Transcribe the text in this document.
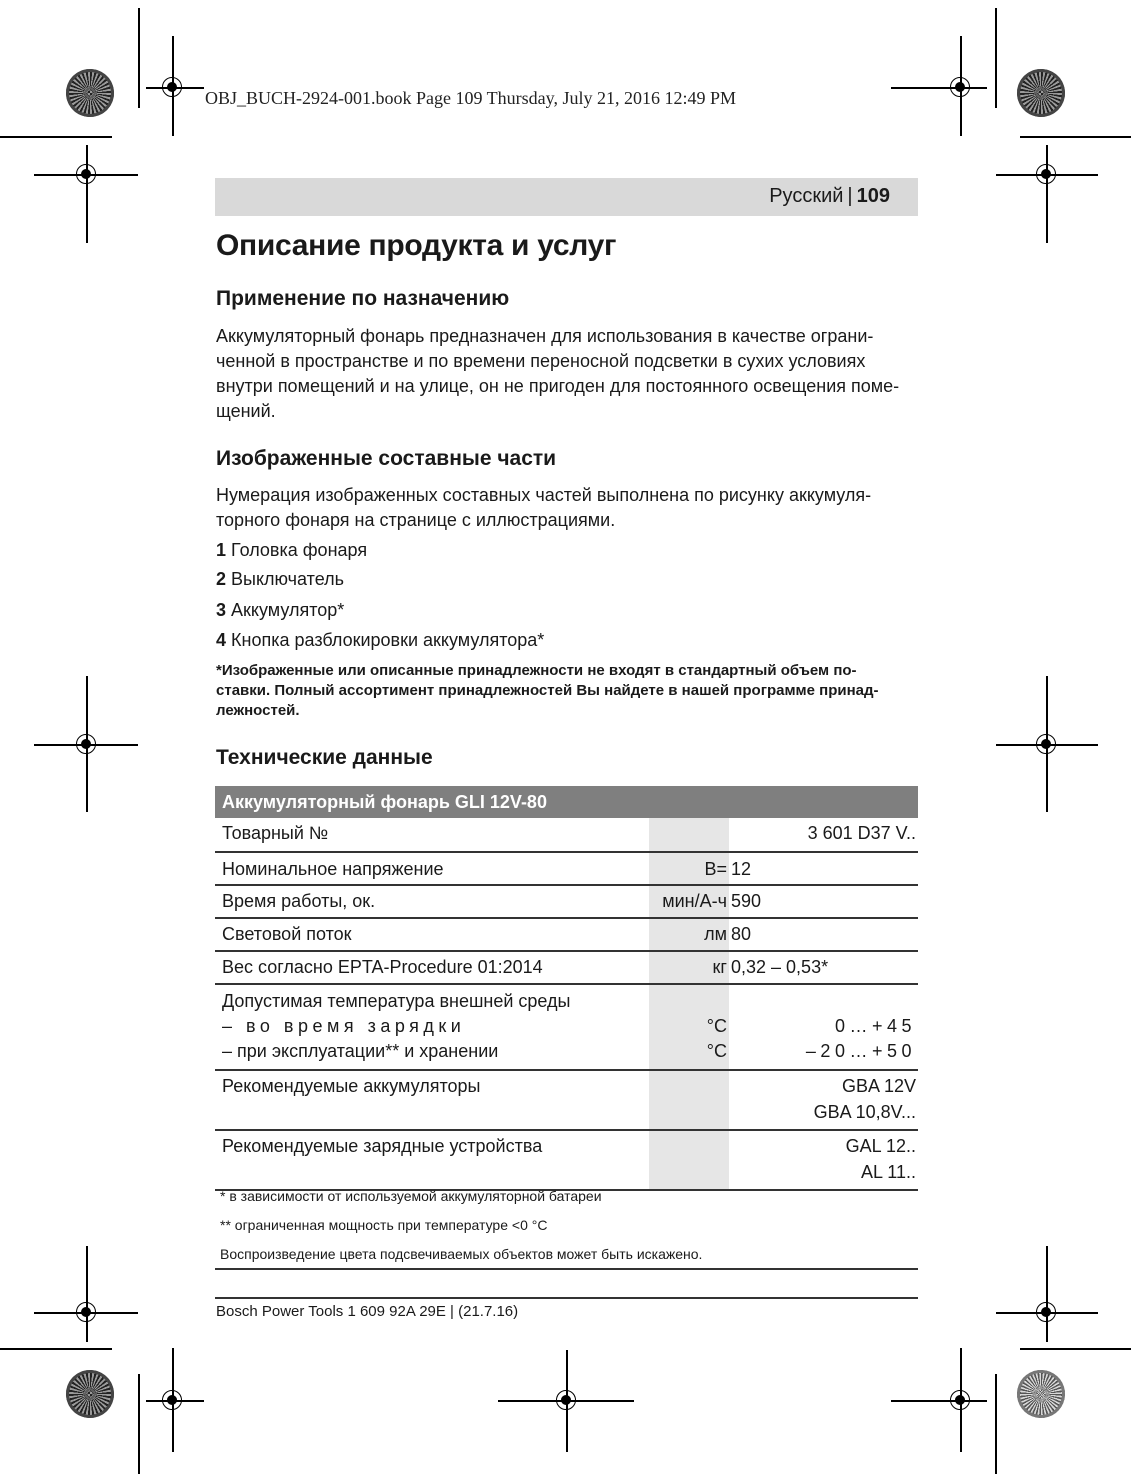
OBJ_BUCH-2924-001.book Page 109 Thursday, July 21, 2016 12:49 PM
Русский | 109
Описание продукта и услуг
Применение по назначению
Аккумуляторный фонарь предназначен для использования в качестве ограни-
ченной в пространстве и по времени переносной подсветки в сухих условиях
внутри помещений и на улице, он не пригоден для постоянного освещения поме-
щений.
Изображенные составные части
Нумерация изображенных составных частей выполнена по рисунку аккумуля-
торного фонаря на странице с иллюстрациями.
1 Головка фонаря
2 Выключатель
3 Аккумулятор*
4 Кнопка разблокировки аккумулятора*
*Изображенные или описанные принадлежности не входят в стандартный объем по-
ставки. Полный ассортимент принадлежностей Вы найдете в нашей программе принад-
лежностей.
Технические данные
Аккумуляторный фонарь GLI 12V-80
Товарный №	3 601 D37 V..
Номинальное напряжение	В= 12
Время работы, ок.	мин/А-ч 590
Световой поток	лм 80
Вес согласно EPTA-Procedure 01:2014	кг 0,32 – 0,53*
Допустимая температура внешней среды
– во время зарядки	°C	0…+45
– при эксплуатации** и хранении	°C	–20…+50
Рекомендуемые аккумуляторы	GBA 12V
GBA 10,8V...
Рекомендуемые зарядные устройства	GAL 12..
AL 11..
* в зависимости от используемой аккумуляторной батареи
** ограниченная мощность при температуре <0 °C
Воспроизведение цвета подсвечиваемых объектов может быть искажено.
Bosch Power Tools 1 609 92A 29E | (21.7.16)
